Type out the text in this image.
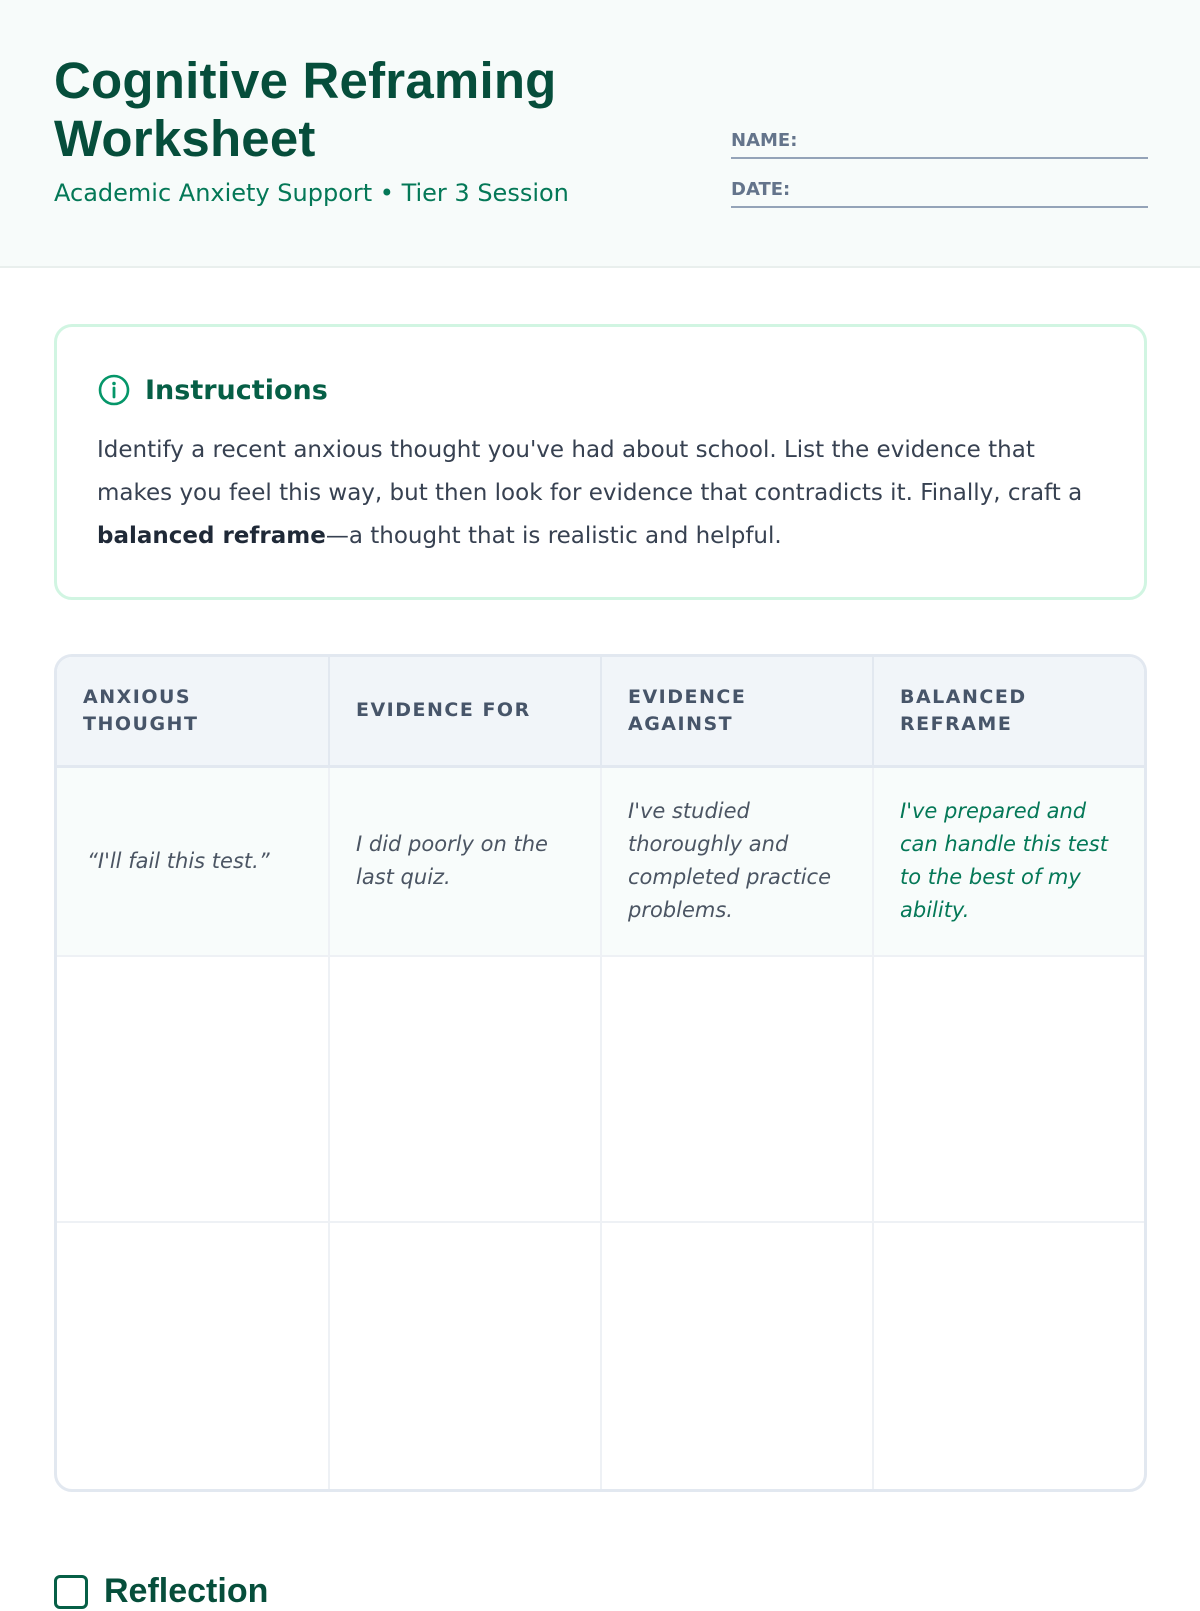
Cognitive Reframing Worksheet
Academic Anxiety Support • Tier 3 Session
NAME:
DATE:
Instructions

Identify a recent anxious thought you've had about school. List the evidence that makes you feel this way, but then look for evidence that contradicts it. Finally, craft a balanced reframe—a thought that is realistic and helpful.

ANXIOUS THOUGHT	EVIDENCE FOR	EVIDENCE AGAINST	BALANCED REFRAME
“I'll fail this test.”	I did poorly on the last quiz.	I've studied thoroughly and completed practice problems.	I've prepared and can handle this test to the best of my ability.

Reflection
